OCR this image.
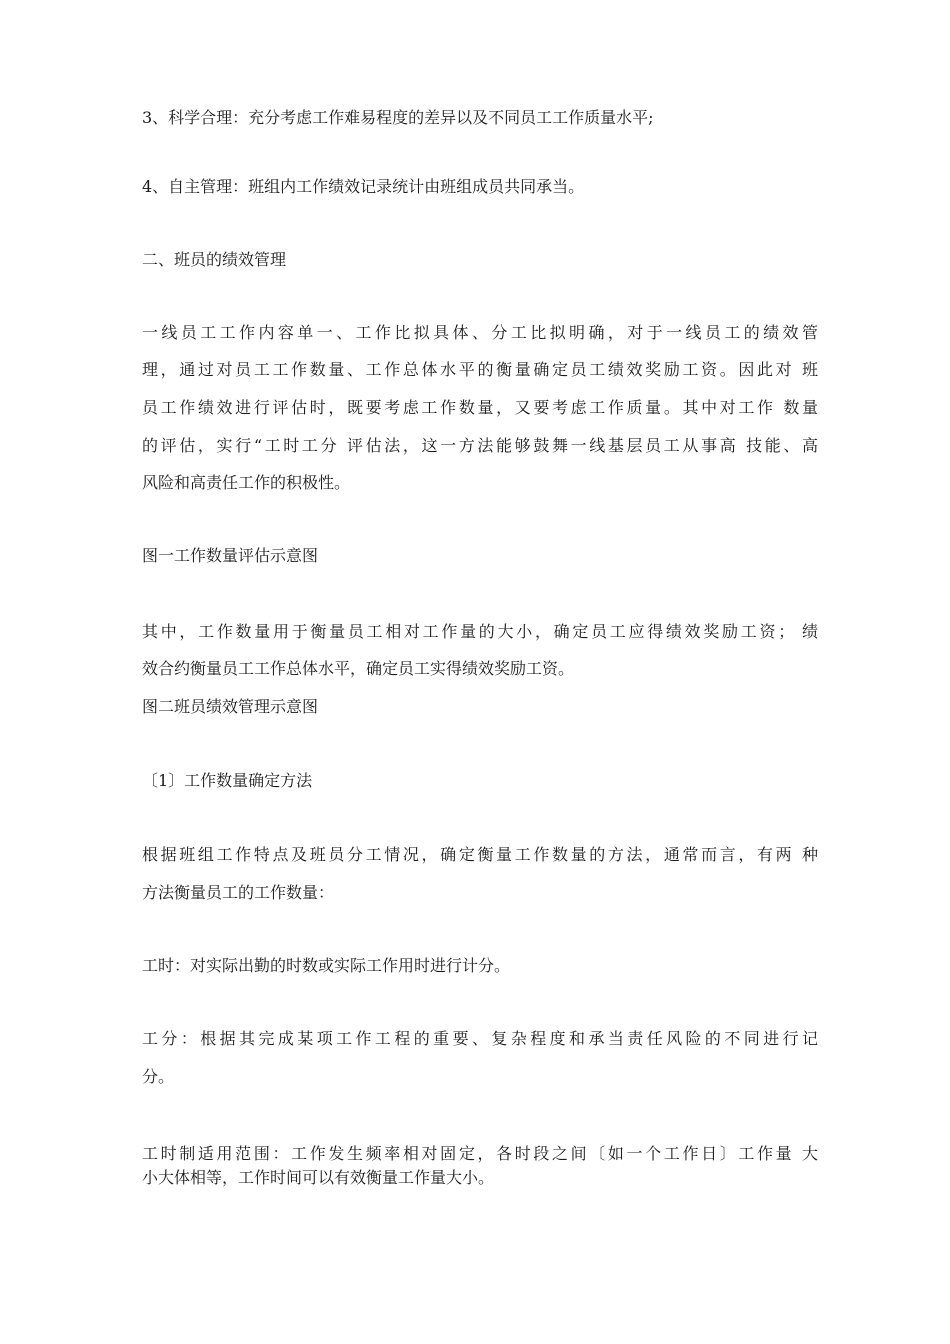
3、科学合理：充分考虑工作难易程度的差异以及不同员工工作质量水平;
4、自主管理：班组内工作绩效记录统计由班组成员共同承当。
二、班员的绩效管理
一线员工工作内容单一、工作比拟具体、分工比拟明确，对于一线员工的绩效管
理，通过对员工工作数量、工作总体水平的衡量确定员工绩效奖励工资。因此对 班
员工作绩效进行评估时，既要考虑工作数量，又要考虑工作质量。其中对工作 数量
的评估，实行“工时工分 评估法，这一方法能够鼓舞一线基层员工从事高 技能、高
风险和高责任工作的积极性。
图一工作数量评估示意图
其中，工作数量用于衡量员工相对工作量的大小，确定员工应得绩效奖励工资； 绩
效合约衡量员工工作总体水平，确定员工实得绩效奖励工资。
图二班员绩效管理示意图
〔1〕工作数量确定方法
根据班组工作特点及班员分工情况，确定衡量工作数量的方法，通常而言，有两 种
方法衡量员工的工作数量：
工时：对实际出勤的时数或实际工作用时进行计分。
工分：根据其完成某项工作工程的重要、复杂程度和承当责任风险的不同进行记
分。
工时制适用范围：工作发生频率相对固定，各时段之间〔如一个工作日〕工作量 大
小大体相等，工作时间可以有效衡量工作量大小。
